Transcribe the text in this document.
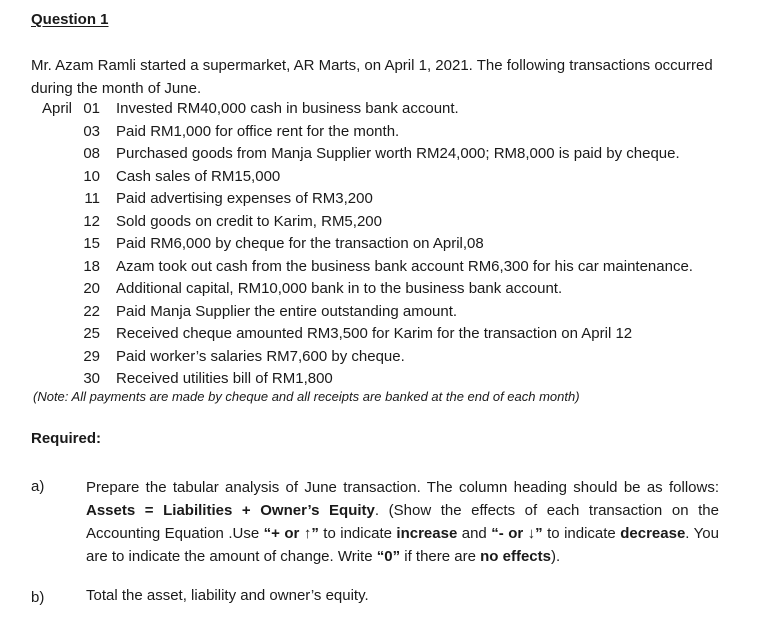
Question 1
Mr. Azam Ramli started a supermarket, AR Marts, on April 1, 2021. The following transactions occurred during the month of June.
April 01 Invested RM40,000 cash in business bank account.
03 Paid RM1,000 for office rent for the month.
08 Purchased goods from Manja Supplier worth RM24,000; RM8,000 is paid by cheque.
10 Cash sales of RM15,000
11 Paid advertising expenses of RM3,200
12 Sold goods on credit to Karim, RM5,200
15 Paid RM6,000 by cheque for the transaction on April,08
18 Azam took out cash from the business bank account RM6,300 for his car maintenance.
20 Additional capital, RM10,000 bank in to the business bank account.
22 Paid Manja Supplier the entire outstanding amount.
25 Received cheque amounted RM3,500 for Karim for the transaction on April 12
29 Paid worker’s salaries RM7,600 by cheque.
30 Received utilities bill of RM1,800
(Note: All payments are made by cheque and all receipts are banked at the end of each month)
Required:
a)	Prepare the tabular analysis of June transaction. The column heading should be as follows: Assets = Liabilities + Owner’s Equity. (Show the effects of each transaction on the Accounting Equation .Use “+ or ↑” to indicate increase and “- or ↓” to indicate decrease. You are to indicate the amount of change. Write “0” if there are no effects).
b)	Total the asset, liability and owner’s equity.
